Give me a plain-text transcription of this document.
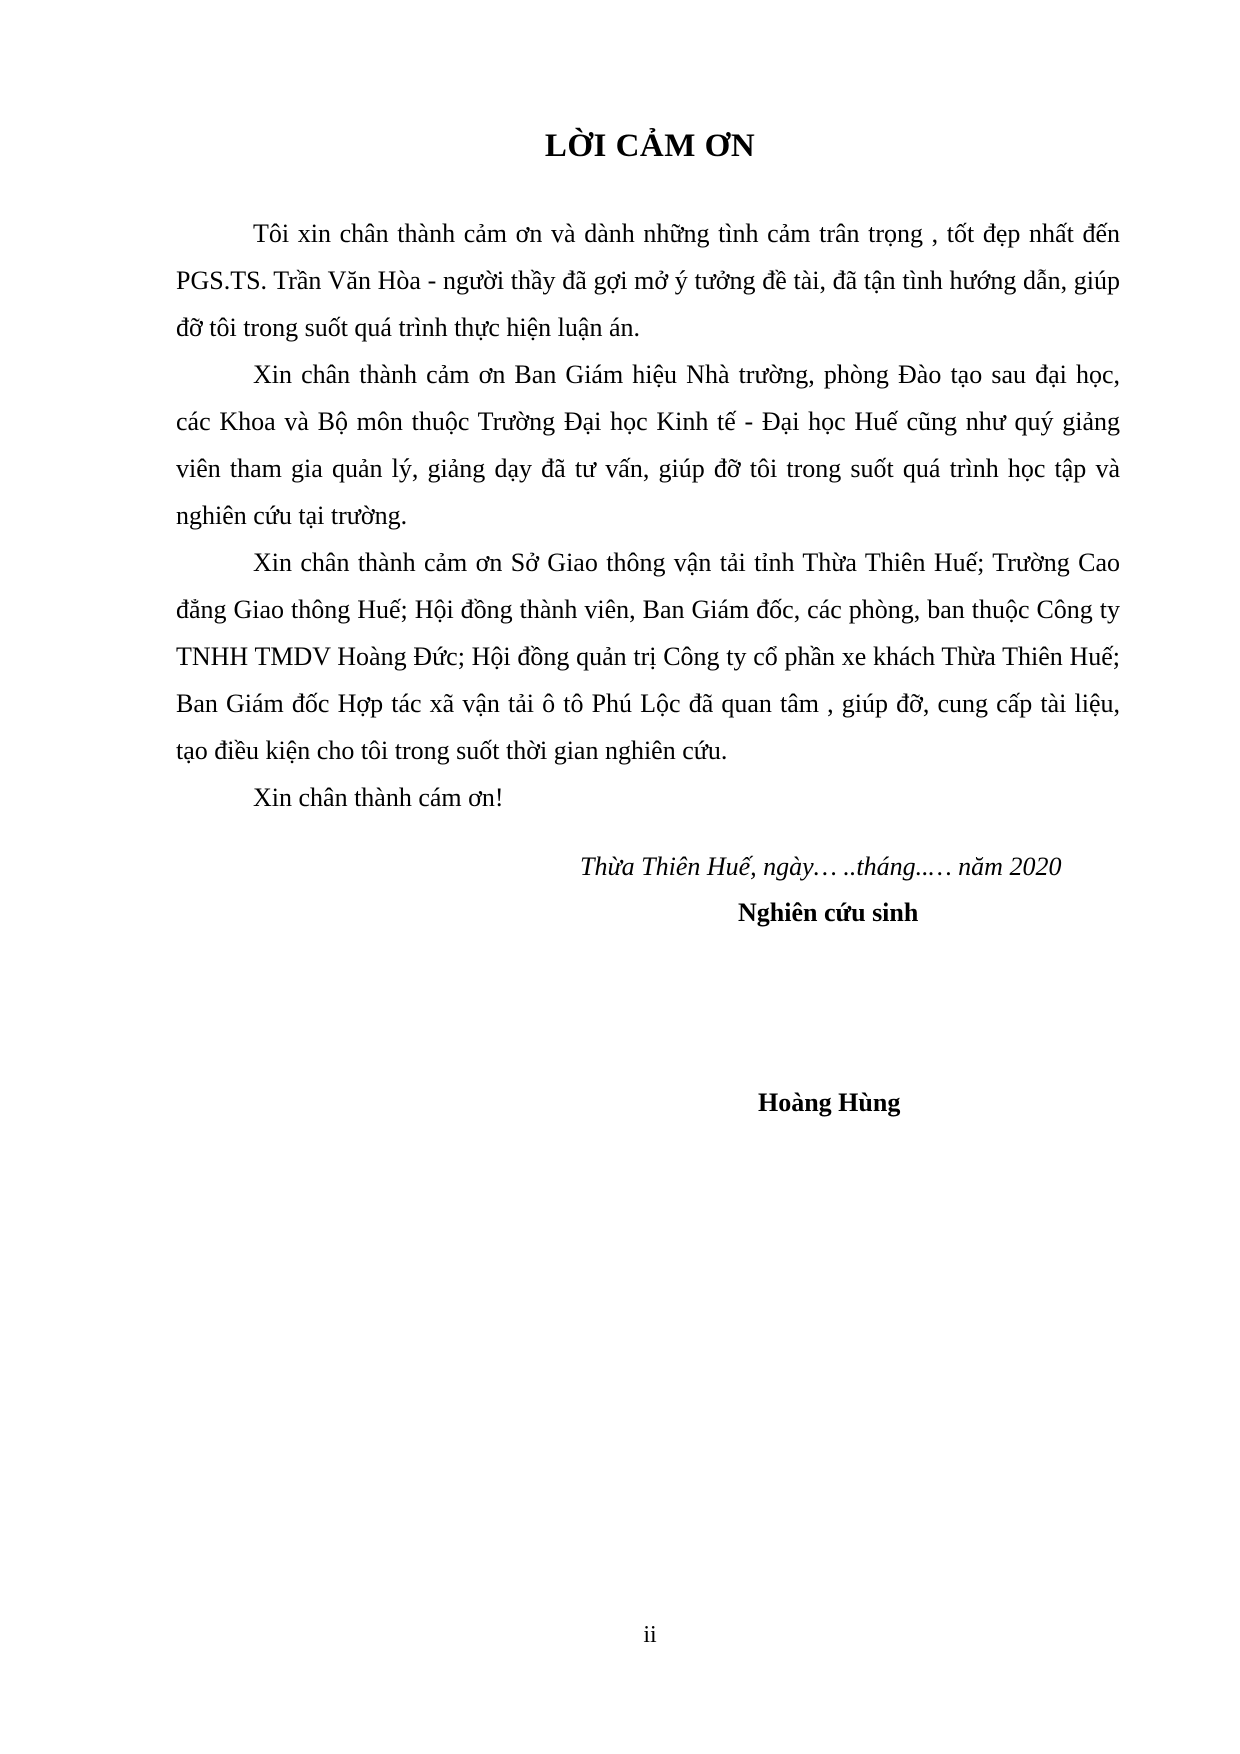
LỜI CẢM ƠN

Tôi xin chân thành cảm ơn và dành những tình cảm trân trọng , tốt đẹp nhất đến PGS.TS. Trần Văn Hòa - người thầy đã gợi mở ý tưởng đề tài, đã tận tình hướng dẫn, giúp đỡ tôi trong suốt quá trình thực hiện luận án.

Xin chân thành cảm ơn Ban Giám hiệu Nhà trường, phòng Đào tạo sau đại học, các Khoa và Bộ môn thuộc Trường Đại học Kinh tế - Đại học Huế cũng như quý giảng viên tham gia quản lý, giảng dạy đã tư vấn, giúp đỡ tôi trong suốt quá trình học tập và nghiên cứu tại trường.

Xin chân thành cảm ơn Sở Giao thông vận tải tỉnh Thừa Thiên Huế; Trường Cao đẳng Giao thông Huế; Hội đồng thành viên, Ban Giám đốc, các phòng, ban thuộc Công ty TNHH TMDV Hoàng Đức; Hội đồng quản trị Công ty cổ phần xe khách Thừa Thiên Huế; Ban Giám đốc Hợp tác xã vận tải ô tô Phú Lộc đã quan tâm , giúp đỡ, cung cấp tài liệu, tạo điều kiện cho tôi trong suốt thời gian nghiên cứu.

Xin chân thành cám ơn!

Thừa Thiên Huế, ngày… ..tháng..… năm 2020
Nghiên cứu sinh
Hoàng Hùng
ii
